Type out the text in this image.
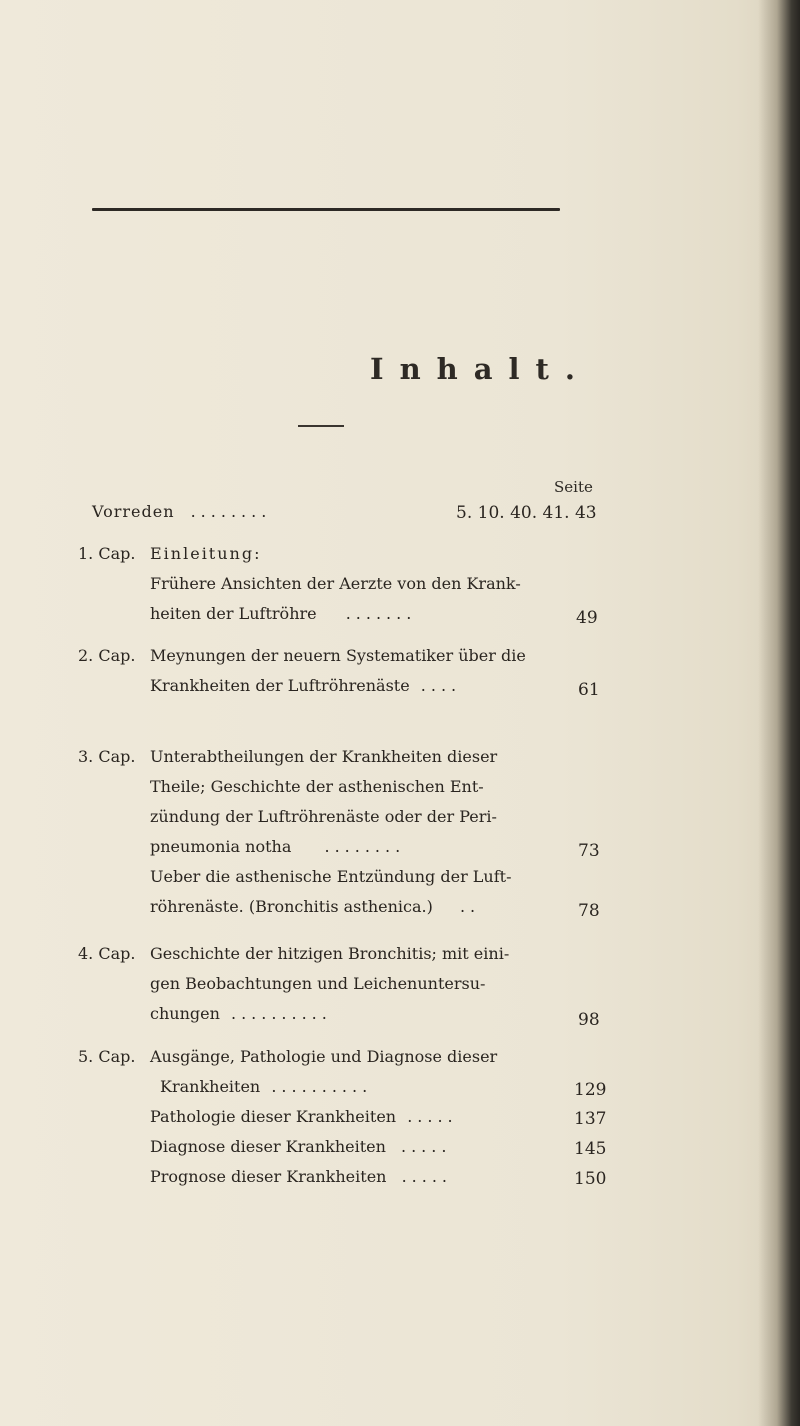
Inhalt.
Seite
Vorreden ........	5. 10. 40. 41. 43
1. Cap. Einleitung:
Frühere Ansichten der Aerzte von den Krank-
heiten der Luftröhre .......	49
2. Cap. Meynungen der neuern Systematiker über die
Krankheiten der Luftröhrenäste ....	61
3. Cap. Unterabtheilungen der Krankheiten dieser
Theile; Geschichte der asthenischen Ent-
zündung der Luftröhrenäste oder der Peri-
pneumonia notha ........	73
Ueber die asthenische Entzündung der Luft-
röhrenäste. (Bronchitis asthenica.) ..	78
4. Cap. Geschichte der hitzigen Bronchitis; mit eini-
gen Beobachtungen und Leichenuntersu-
chungen ..........	98
5. Cap. Ausgänge, Pathologie und Diagnose dieser
Krankheiten ..........	129
Pathologie dieser Krankheiten .....	137
Diagnose dieser Krankheiten .....	145
Prognose dieser Krankheiten .....	150
